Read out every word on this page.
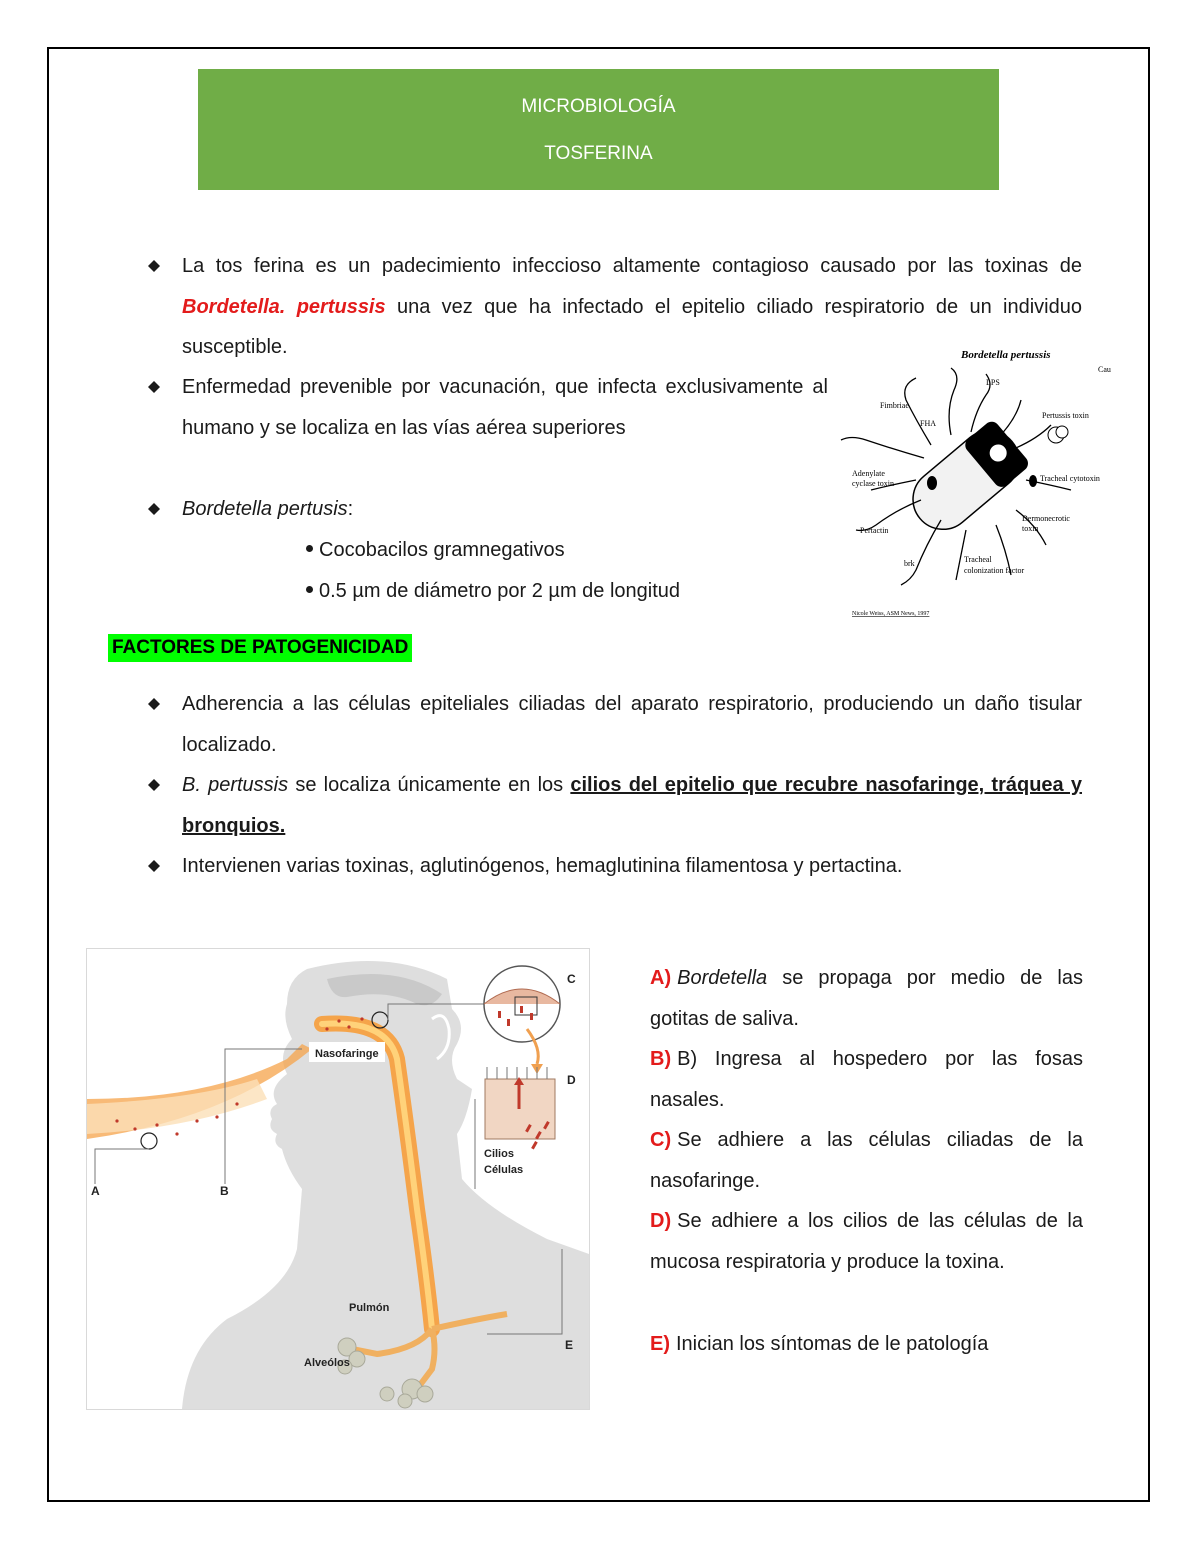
MICROBIOLOGÍA
TOSFERINA
La tos ferina es un padecimiento infeccioso altamente contagioso causado por las toxinas de Bordetella. pertussis una vez que ha infectado el epitelio ciliado respiratorio de un individuo susceptible.
Enfermedad prevenible por vacunación, que infecta exclusivamente al humano y se localiza en las vías aérea superiores
Bordetella pertusis:
Cocobacilos gramnegativos
0.5 µm de diámetro por 2 µm de longitud
Bordetella pertussis
Cau
LPS
Fimbriae
Pertussis toxin
FHA
Adenylate
cyclase toxin
Tracheal cytotoxin
Dermonecrotic
toxin
Pertactin
brk	Tracheal
colonization factor
Nicole Weiss, ASM News, 1997
FACTORES DE PATOGENICIDAD
Adherencia a las células epiteliales ciliadas del aparato respiratorio, produciendo un daño tisular localizado.
B. pertussis se localiza únicamente en los cilios del epitelio que recubre nasofaringe, tráquea y bronquios.
Intervienen varias toxinas, aglutinógenos, hemaglutinina filamentosa y pertactina.
Nasofaringe
Cilios
Células
Pulmón
Alveólos
A	B
C
D
E
A) Bordetella se propaga por medio de las gotitas de saliva.
B) B) Ingresa al hospedero por las fosas nasales.
C) Se adhiere a las células ciliadas de la nasofaringe.
D) Se adhiere a los cilios de las células de la mucosa respiratoria y produce la toxina.
E) Inician los síntomas de le patología
